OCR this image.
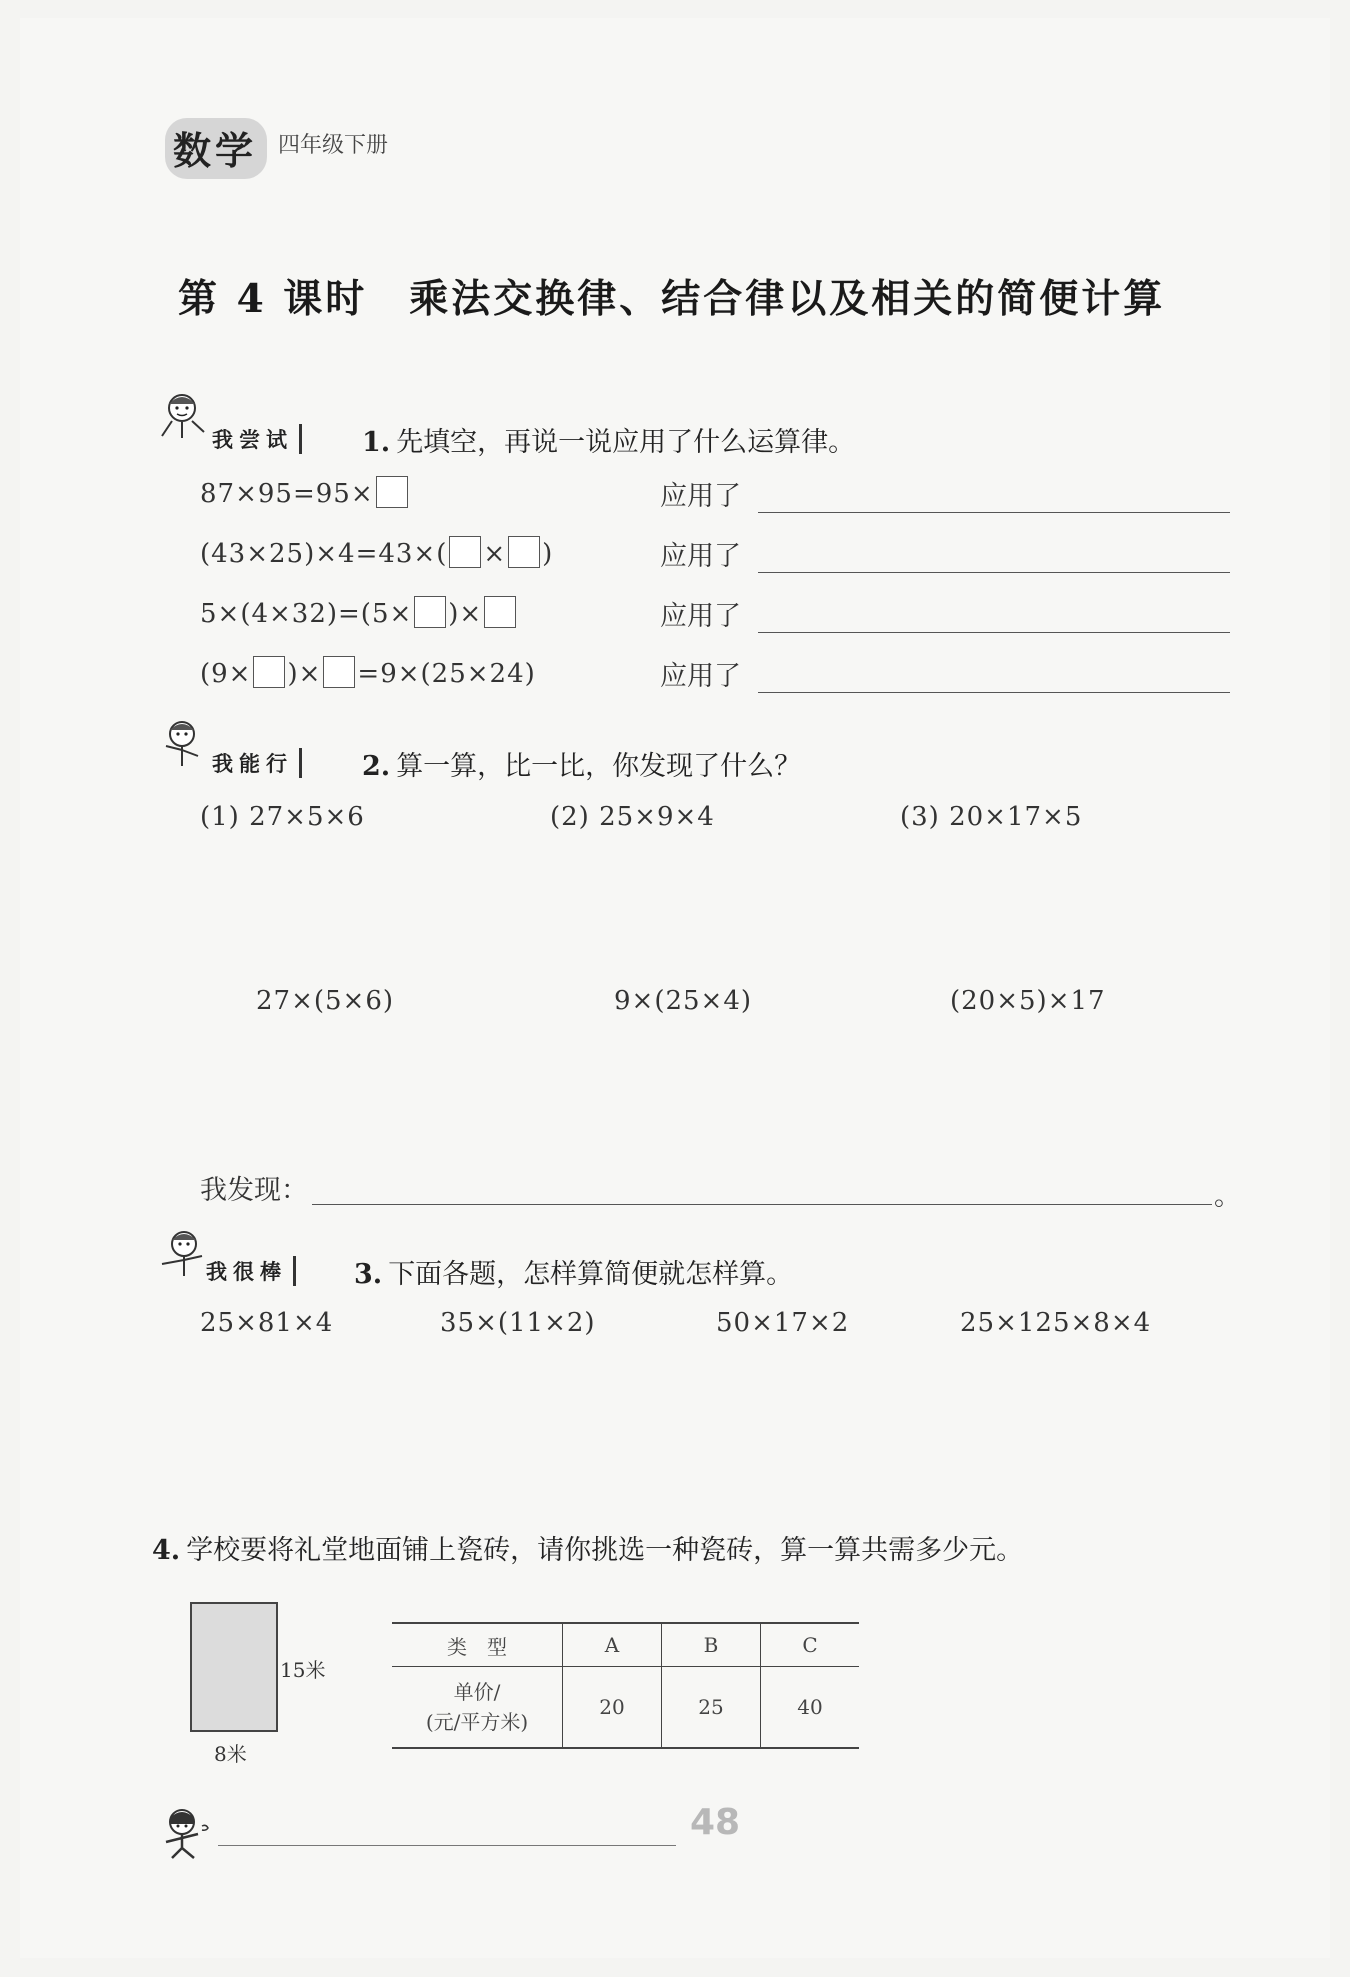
数学 四年级下册
第 4 课时　乘法交换律、结合律以及相关的简便计算
我尝试	1. 先填空，再说一说应用了什么运算律。
87×95=95×	应用了
(43×25)×4=43×( × )	应用了
5×(4×32)=(5× )×	应用了
(9× )× =9×(25×24)	应用了
我能行	2. 算一算，比一比，你发现了什么？
(1) 27×5×6	(2) 25×9×4	(3) 20×17×5
27×(5×6)	9×(25×4)	(20×5)×17
我发现：	。
我很棒	3. 下面各题，怎样算简便就怎样算。
25×81×4	35×(11×2)	50×17×2	25×125×8×4
4. 学校要将礼堂地面铺上瓷砖，请你挑选一种瓷砖，算一算共需多少元。
15米
8米
类　型	A	B	C
单价/
(元/平方米)	20	25	40
48
